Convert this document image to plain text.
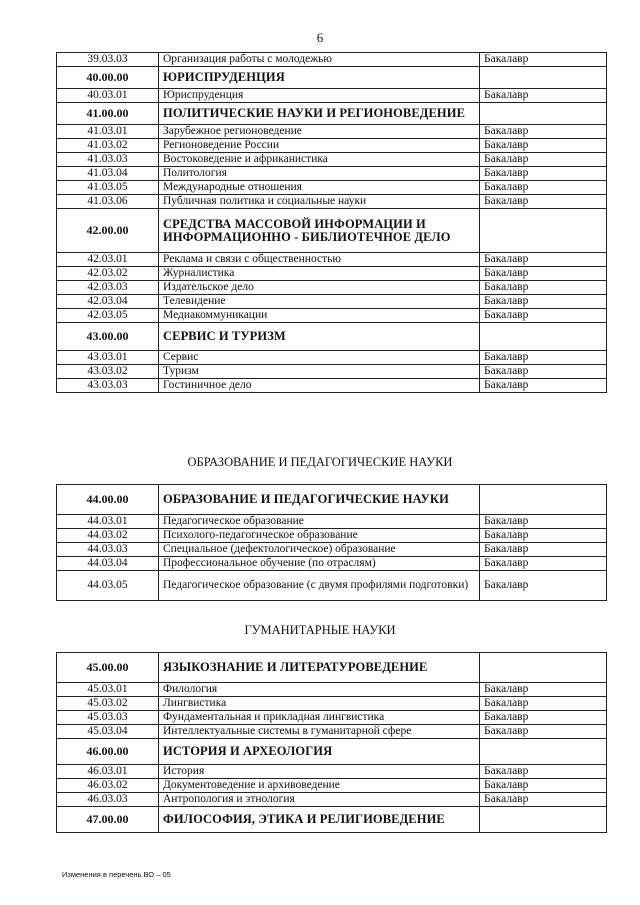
6
39.03.03	Организация работы с молодежью	Бакалавр
40.00.00	ЮРИСПРУДЕНЦИЯ	
40.03.01	Юриспруденция	Бакалавр
41.00.00	ПОЛИТИЧЕСКИЕ НАУКИ И РЕГИОНОВЕДЕНИЕ	
41.03.01	Зарубежное регионоведение	Бакалавр
41.03.02	Регионоведение России	Бакалавр
41.03.03	Востоковедение и африканистика	Бакалавр
41.03.04	Политология	Бакалавр
41.03.05	Международные отношения	Бакалавр
41.03.06	Публичная политика и социальные науки	Бакалавр
42.00.00	СРЕДСТВА МАССОВОЙ ИНФОРМАЦИИ И ИНФОРМАЦИОННО - БИБЛИОТЕЧНОЕ ДЕЛО	
42.03.01	Реклама и связи с общественностью	Бакалавр
42.03.02	Журналистика	Бакалавр
42.03.03	Издательское дело	Бакалавр
42.03.04	Телевидение	Бакалавр
42.03.05	Медиакоммуникации	Бакалавр
43.00.00	СЕРВИС И ТУРИЗМ	
43.03.01	Сервис	Бакалавр
43.03.02	Туризм	Бакалавр
43.03.03	Гостиничное дело	Бакалавр
ОБРАЗОВАНИЕ И ПЕДАГОГИЧЕСКИЕ НАУКИ
44.00.00	ОБРАЗОВАНИЕ И ПЕДАГОГИЧЕСКИЕ НАУКИ	
44.03.01	Педагогическое образование	Бакалавр
44.03.02	Психолого-педагогическое образование	Бакалавр
44.03.03	Специальное (дефектологическое) образование	Бакалавр
44.03.04	Профессиональное обучение (по отраслям)	Бакалавр
44.03.05	Педагогическое образование (с двумя профилями подготовки)	Бакалавр
ГУМАНИТАРНЫЕ НАУКИ
45.00.00	ЯЗЫКОЗНАНИЕ И ЛИТЕРАТУРОВЕДЕНИЕ	
45.03.01	Филология	Бакалавр
45.03.02	Лингвистика	Бакалавр
45.03.03	Фундаментальная и прикладная лингвистика	Бакалавр
45.03.04	Интеллектуальные системы в гуманитарной сфере	Бакалавр
46.00.00	ИСТОРИЯ И АРХЕОЛОГИЯ	
46.03.01	История	Бакалавр
46.03.02	Документоведение и архивоведение	Бакалавр
46.03.03	Антропология и этнология	Бакалавр
47.00.00	ФИЛОСОФИЯ, ЭТИКА И РЕЛИГИОВЕДЕНИЕ	
Изменения в перечень ВО – 05
